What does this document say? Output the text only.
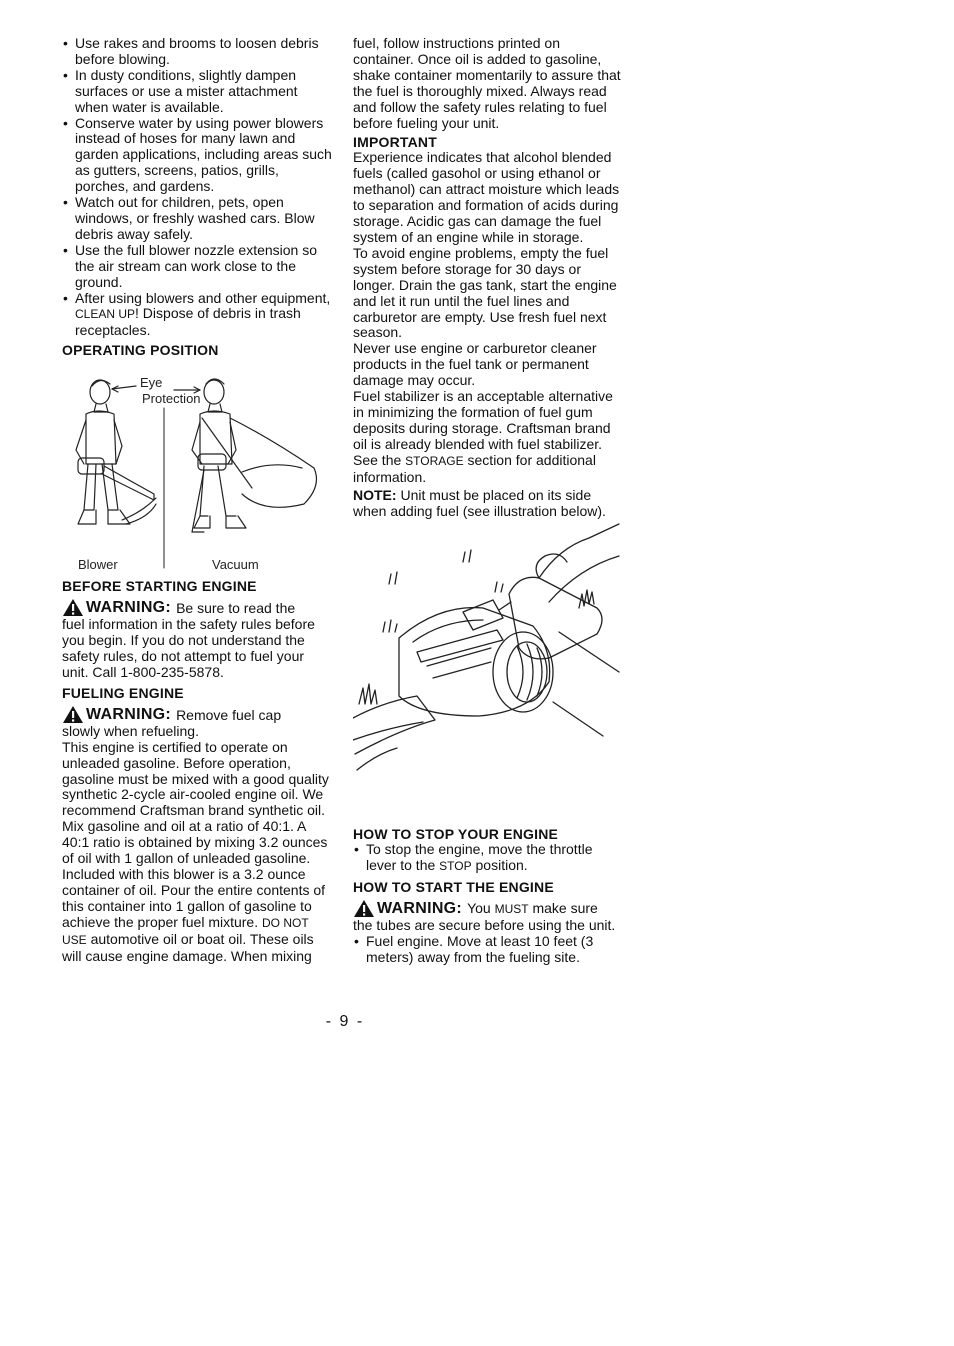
• Use rakes and brooms to loosen debris before blowing.
• In dusty conditions, slightly dampen surfaces or use a mister attachment when water is available.
• Conserve water by using power blowers instead of hoses for many lawn and garden applications, including areas such as gutters, screens, patios, grills, porches, and gardens.
• Watch out for children, pets, open windows, or freshly washed cars. Blow debris away safely.
• Use the full blower nozzle extension so the air stream can work close to the ground.
• After using blowers and other equipment, CLEAN UP! Dispose of debris in trash receptacles.
OPERATING POSITION
Eye
Protection
Blower	Vacuum
BEFORE STARTING ENGINE
WARNING: Be sure to read the

fuel information in the safety rules before you begin. If you do not understand the safety rules, do not attempt to fuel your unit. Call 1-800-235-5878.

FUELING ENGINE
WARNING: Remove fuel cap

slowly when refueling.

This engine is certified to operate on unleaded gasoline. Before operation, gasoline must be mixed with a good quality synthetic 2-cycle air-cooled engine oil. We recommend Craftsman brand synthetic oil. Mix gasoline and oil at a ratio of 40:1. A 40:1 ratio is obtained by mixing 3.2 ounces of oil with 1 gallon of unleaded gasoline. Included with this blower is a 3.2 ounce container of oil. Pour the entire contents of this container into 1 gallon of gasoline to achieve the proper fuel mixture. DO NOT USE automotive oil or boat oil. These oils will cause engine damage. When mixing

fuel, follow instructions printed on container. Once oil is added to gasoline, shake container momentarily to assure that the fuel is thoroughly mixed. Always read and follow the safety rules relating to fuel before fueling your unit.

IMPORTANT

Experience indicates that alcohol blended fuels (called gasohol or using ethanol or methanol) can attract moisture which leads to separation and formation of acids during storage. Acidic gas can damage the fuel system of an engine while in storage.

To avoid engine problems, empty the fuel system before storage for 30 days or longer. Drain the gas tank, start the engine and let it run until the fuel lines and carburetor are empty. Use fresh fuel next season.

Never use engine or carburetor cleaner products in the fuel tank or permanent damage may occur.

Fuel stabilizer is an acceptable alternative in minimizing the formation of fuel gum deposits during storage. Craftsman brand oil is already blended with fuel stabilizer. See the STORAGE section for additional information.

NOTE: Unit must be placed on its side when adding fuel (see illustration below).

HOW TO STOP YOUR ENGINE
• To stop the engine, move the throttle lever to the STOP position.
HOW TO START THE ENGINE
WARNING: You MUST make sure

the tubes are secure before using the unit.

• Fuel engine. Move at least 10 feet (3 meters) away from the fueling site.
- 9 -
